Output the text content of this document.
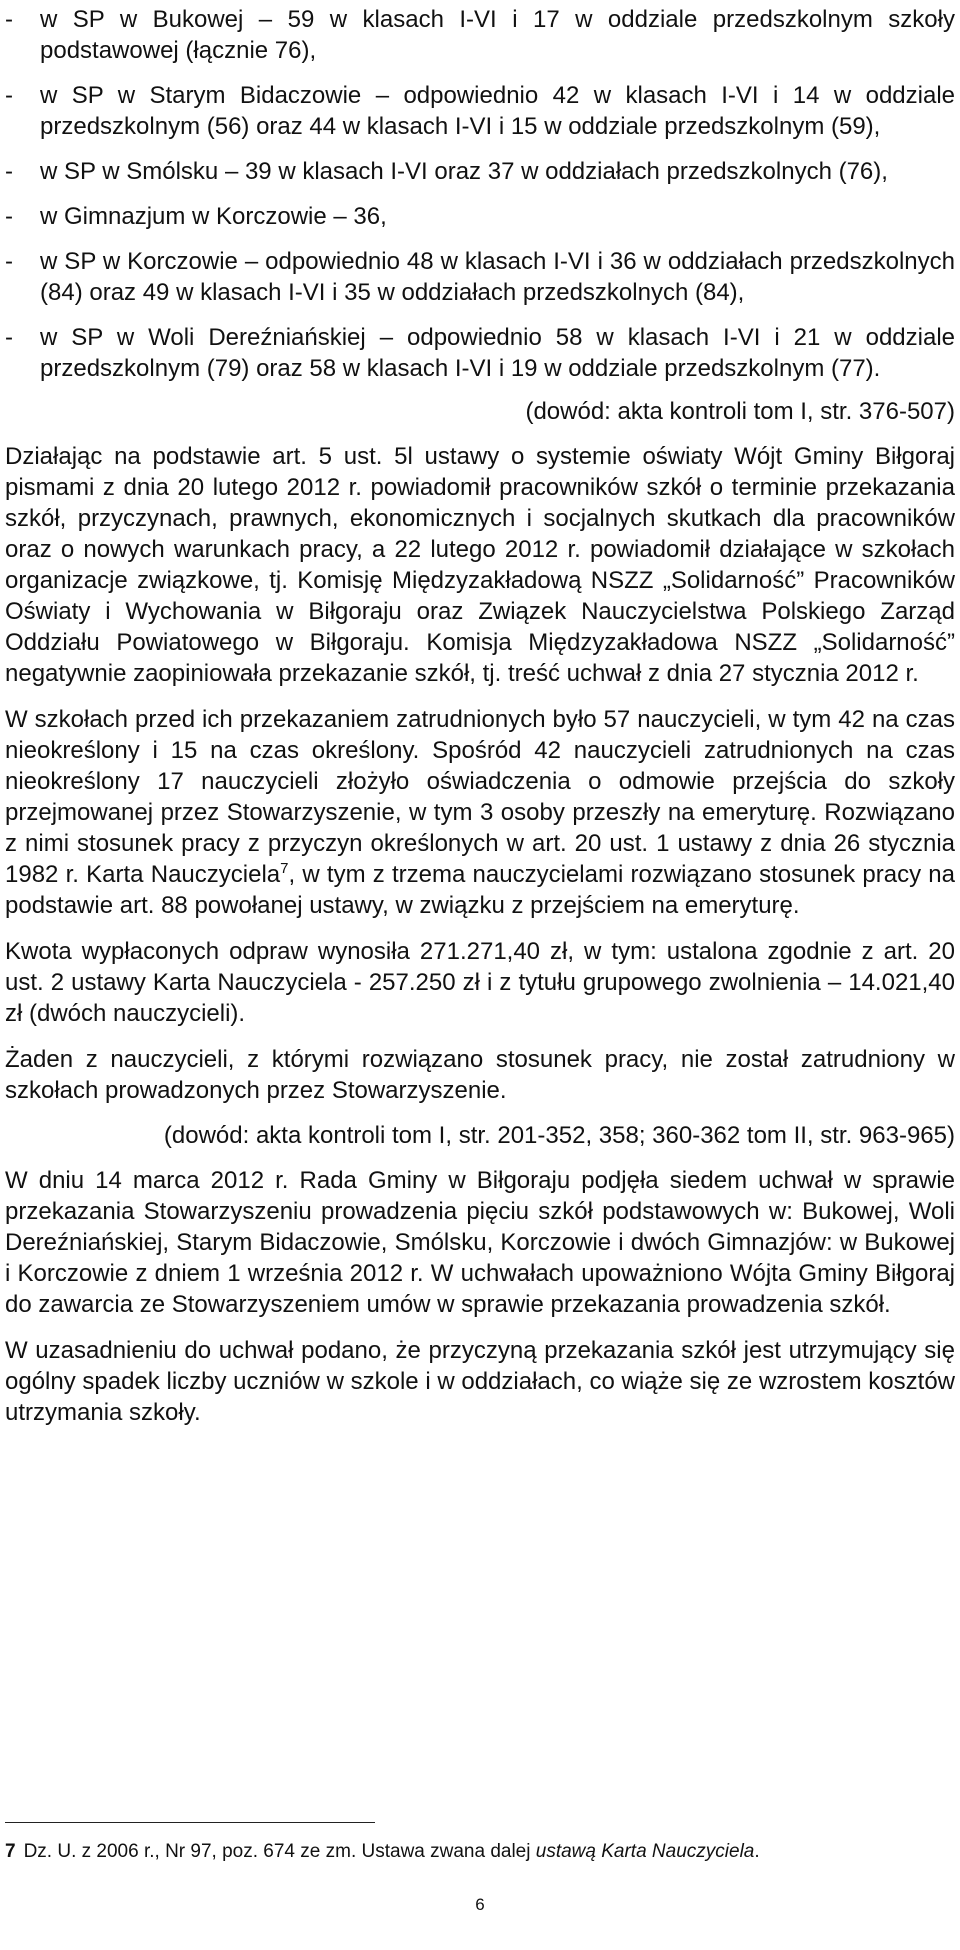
- w SP w Bukowej – 59 w klasach I-VI i 17 w oddziale przedszkolnym szkoły podstawowej (łącznie 76),
- w SP w Starym Bidaczowie – odpowiednio 42 w klasach I-VI i 14 w oddziale przedszkolnym (56) oraz 44 w klasach I-VI i 15 w oddziale przedszkolnym (59),
- w SP w Smólsku – 39 w klasach I-VI oraz 37 w oddziałach przedszkolnych (76),
- w Gimnazjum w Korczowie – 36,
- w SP w Korczowie – odpowiednio 48 w klasach I-VI i 36 w oddziałach przedszkolnych (84) oraz 49 w klasach I-VI i 35 w oddziałach przedszkolnych (84),
- w SP w Woli Dereźniańskiej – odpowiednio 58 w klasach I-VI i 21 w oddziale przedszkolnym (79) oraz 58 w klasach I-VI i 19 w oddziale przedszkolnym (77).
(dowód: akta kontroli tom I, str. 376-507)

Działając na podstawie art. 5 ust. 5l ustawy o systemie oświaty Wójt Gminy Biłgoraj pismami z dnia 20 lutego 2012 r. powiadomił pracowników szkół o terminie przekazania szkół, przyczynach, prawnych, ekonomicznych i socjalnych skutkach dla pracowników oraz o nowych warunkach pracy, a 22 lutego 2012 r. powiadomił działające w szkołach organizacje związkowe, tj. Komisję Międzyzakładową NSZZ „Solidarność” Pracowników Oświaty i Wychowania w Biłgoraju oraz Związek Nauczycielstwa Polskiego Zarząd Oddziału Powiatowego w Biłgoraju. Komisja Międzyzakładowa NSZZ „Solidarność” negatywnie zaopiniowała przekazanie szkół, tj. treść uchwał z dnia 27 stycznia 2012 r.

W szkołach przed ich przekazaniem zatrudnionych było 57 nauczycieli, w tym 42 na czas nieokreślony i 15 na czas określony. Spośród 42 nauczycieli zatrudnionych na czas nieokreślony 17 nauczycieli złożyło oświadczenia o odmowie przejścia do szkoły przejmowanej przez Stowarzyszenie, w tym 3 osoby przeszły na emeryturę. Rozwiązano z nimi stosunek pracy z przyczyn określonych w art. 20 ust. 1 ustawy z dnia 26 stycznia 1982 r. Karta Nauczyciela$^7$, w tym z trzema nauczycielami rozwiązano stosunek pracy na podstawie art. 88 powołanej ustawy, w związku z przejściem na emeryturę.

Kwota wypłaconych odpraw wynosiła 271.271,40 zł, w tym: ustalona zgodnie z art. 20 ust. 2 ustawy Karta Nauczyciela - 257.250 zł i z tytułu grupowego zwolnienia – 14.021,40 zł (dwóch nauczycieli).

Żaden z nauczycieli, z którymi rozwiązano stosunek pracy, nie został zatrudniony w szkołach prowadzonych przez Stowarzyszenie.

(dowód: akta kontroli tom I, str. 201-352, 358; 360-362 tom II, str. 963-965)

W dniu 14 marca 2012 r. Rada Gminy w Biłgoraju podjęła siedem uchwał w sprawie przekazania Stowarzyszeniu prowadzenia pięciu szkół podstawowych w: Bukowej, Woli Dereźniańskiej, Starym Bidaczowie, Smólsku, Korczowie i dwóch Gimnazjów: w Bukowej i Korczowie z dniem 1 września 2012 r. W uchwałach upoważniono Wójta Gminy Biłgoraj do zawarcia ze Stowarzyszeniem umów w sprawie przekazania prowadzenia szkół.

W uzasadnieniu do uchwał podano, że przyczyną przekazania szkół jest utrzymujący się ogólny spadek liczby uczniów w szkole i w oddziałach, co wiąże się ze wzrostem kosztów utrzymania szkoły.

7 Dz. U. z 2006 r., Nr 97, poz. 674 ze zm. Ustawa zwana dalej ustawą Karta Nauczyciela.
6
